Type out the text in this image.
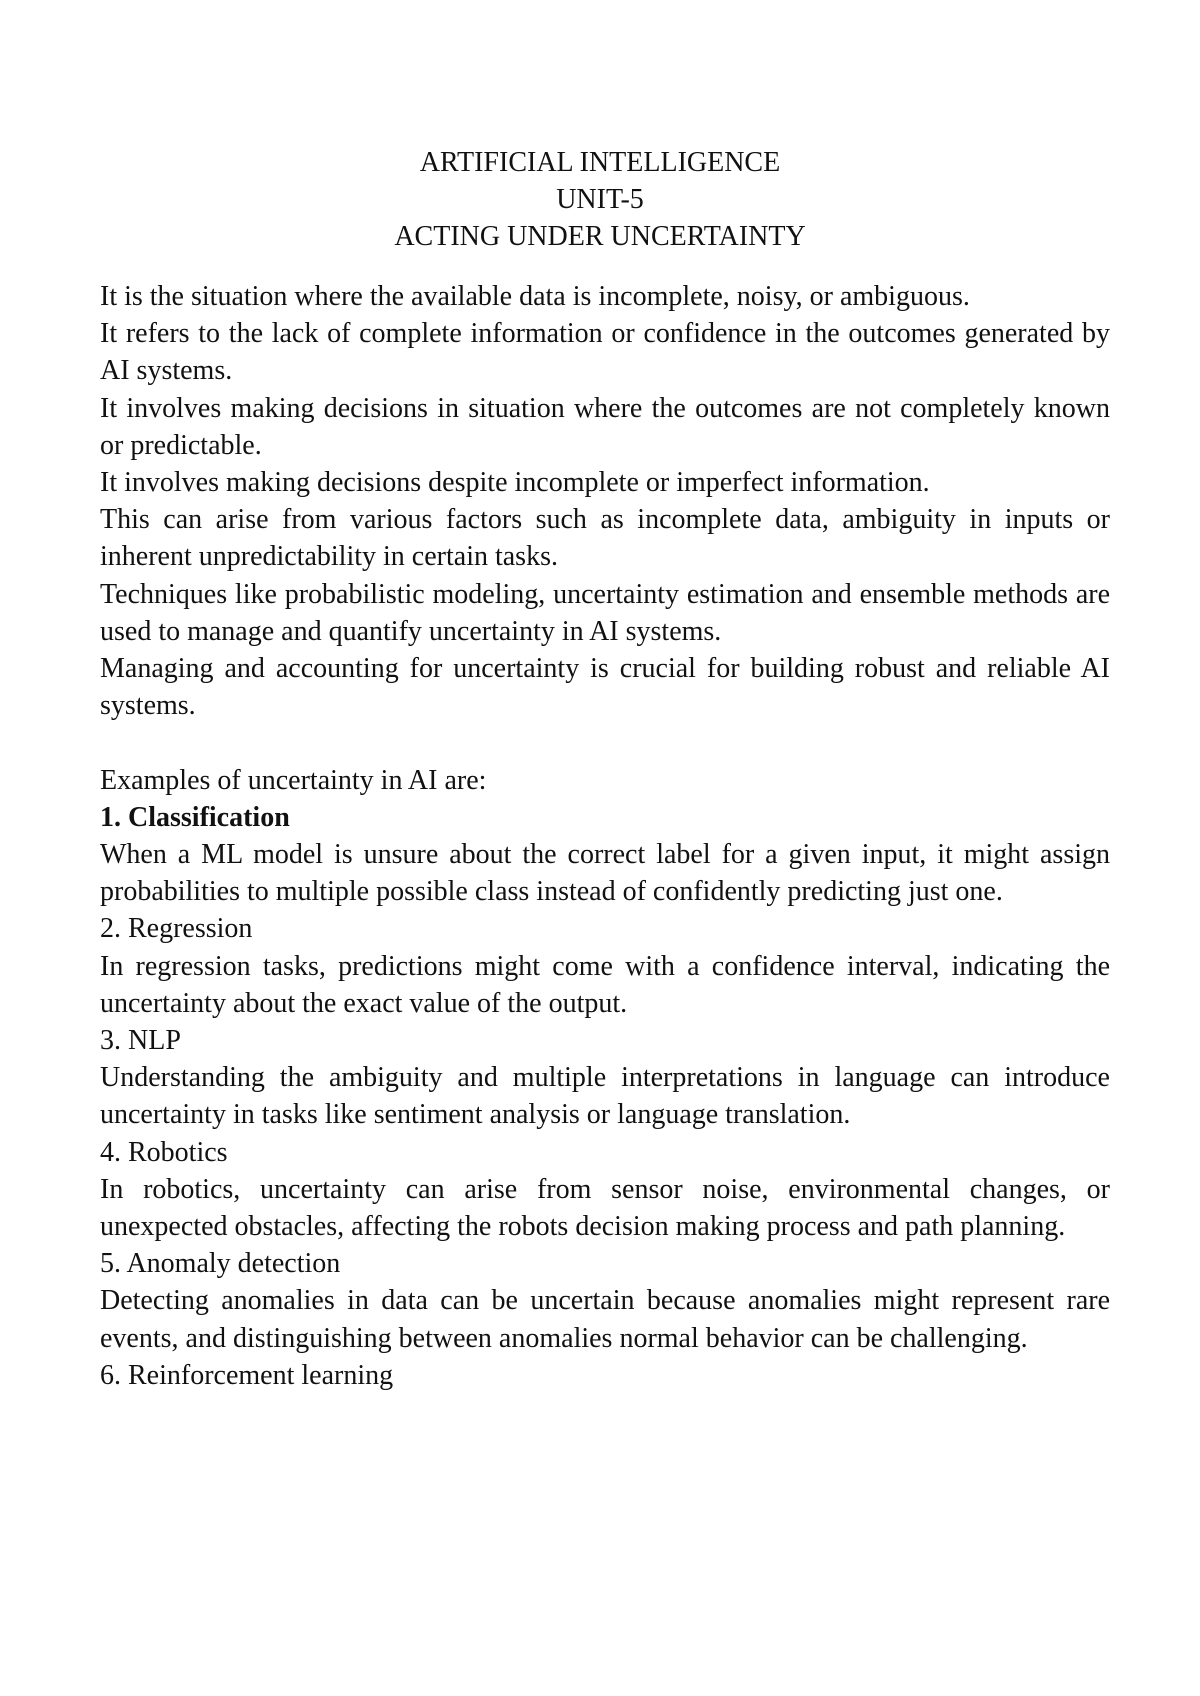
ARTIFICIAL INTELLIGENCE
UNIT-5
ACTING UNDER UNCERTAINTY

It is the situation where the available data is incomplete, noisy, or ambiguous.

It refers to the lack of complete information or confidence in the outcomes generated by AI systems.

It involves making decisions in situation where the outcomes are not completely known or predictable.

It involves making decisions despite incomplete or imperfect information.

This can arise from various factors such as incomplete data, ambiguity in inputs or inherent unpredictability in certain tasks.

Techniques like probabilistic modeling, uncertainty estimation and ensemble methods are used to manage and quantify uncertainty in AI systems.

Managing and accounting for uncertainty is crucial for building robust and reliable AI systems.

Examples of uncertainty in AI are:

1. Classification

When a ML model is unsure about the correct label for a given input, it might assign probabilities to multiple possible class instead of confidently predicting just one.

2. Regression

In regression tasks, predictions might come with a confidence interval, indicating the uncertainty about the exact value of the output.

3. NLP

Understanding the ambiguity and multiple interpretations in language can introduce uncertainty in tasks like sentiment analysis or language translation.

4. Robotics

In robotics, uncertainty can arise from sensor noise, environmental changes, or unexpected obstacles, affecting the robots decision making process and path planning.

5. Anomaly detection

Detecting anomalies in data can be uncertain because anomalies might represent rare events, and distinguishing between anomalies normal behavior can be challenging.

6. Reinforcement learning
